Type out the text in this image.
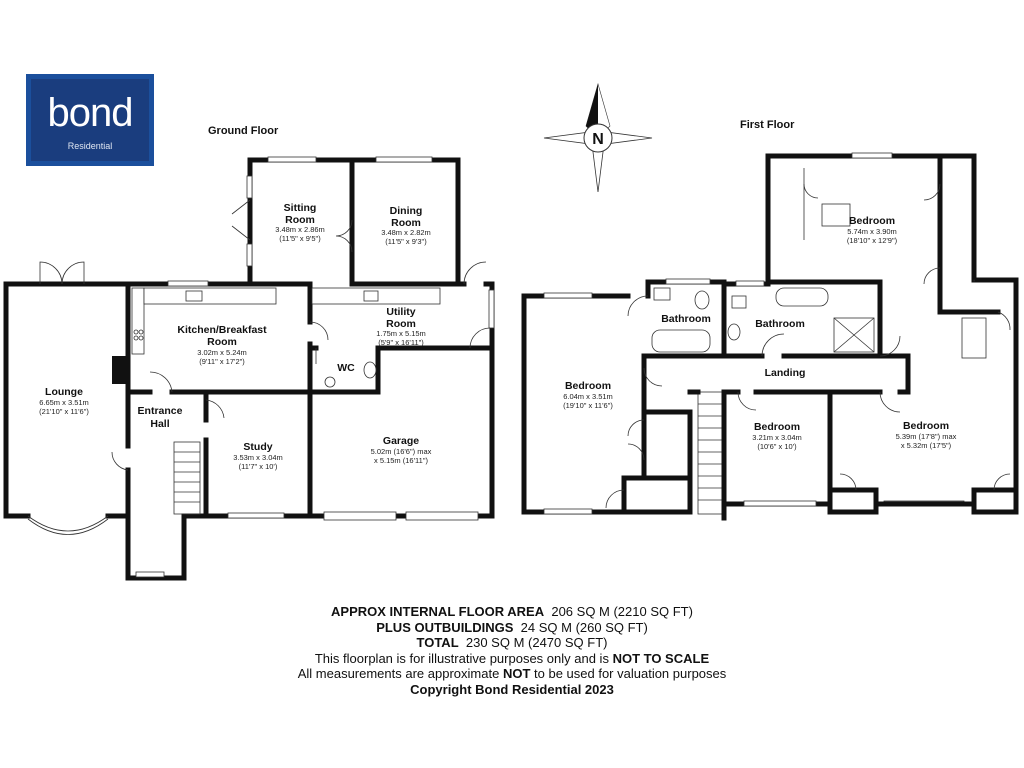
bond
Residential	N
Ground Floor	First Floor
Lounge
6.65m x 3.51m
(21'10" x 11'6")
Sitting
Room
3.48m x 2.86m
(11'5" x 9'5")
Dining
Room
3.48m x 2.82m
(11'5" x 9'3")
Kitchen/Breakfast
Room
3.02m x 5.24m
(9'11" x 17'2")
Utility
Room
1.75m x 5.15m
(5'9" x 16'11")
WC
Entrance
Hall
Study
3.53m x 3.04m
(11'7" x 10')
Garage
5.02m (16'6") max
x 5.15m (16'11")
Bedroom
5.74m x 3.90m
(18'10" x 12'9")
Bathroom	Bathroom
Landing
Bedroom
6.04m x 3.51m
(19'10" x 11'6")
Bedroom
3.21m x 3.04m
(10'6" x 10')
Bedroom
5.39m (17'8") max
x 5.32m (17'5")
APPROX INTERNAL FLOOR AREA 206 SQ M (2210 SQ FT)
PLUS OUTBUILDINGS 24 SQ M (260 SQ FT)
TOTAL 230 SQ M (2470 SQ FT)
This floorplan is for illustrative purposes only and is NOT TO SCALE
All measurements are approximate NOT to be used for valuation purposes
Copyright Bond Residential 2023
